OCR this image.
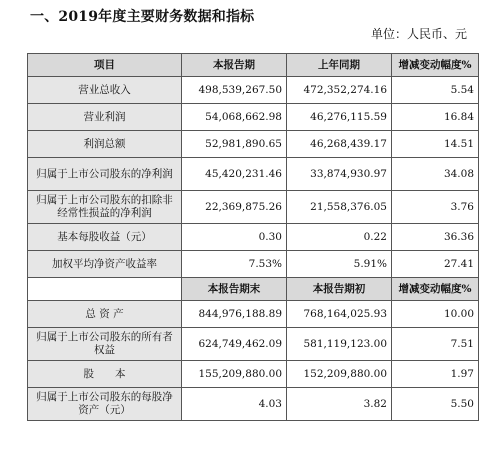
一、2019年度主要财务数据和指标
单位：人民币、元
项目	本报告期	上年同期	增减变动幅度%
营业总收入	498,539,267.50	472,352,274.16	5.54
营业利润	54,068,662.98	46,276,115.59	16.84
利润总额	52,981,890.65	46,268,439.17	14.51
归属于上市公司股东的净利润	45,420,231.46	33,874,930.97	34.08
归属于上市公司股东的扣除非经常性损益的净利润	22,369,875.26	21,558,376.05	3.76
基本每股收益（元）	0.30	0.22	36.36
加权平均净资产收益率	7.53%	5.91%	27.41
	本报告期末	本报告期初	增减变动幅度%
总 资 产	844,976,188.89	768,164,025.93	10.00
归属于上市公司股东的所有者权益	624,749,462.09	581,119,123.00	7.51
股　　本	155,209,880.00	152,209,880.00	1.97
归属于上市公司股东的每股净资产（元）	4.03	3.82	5.50
